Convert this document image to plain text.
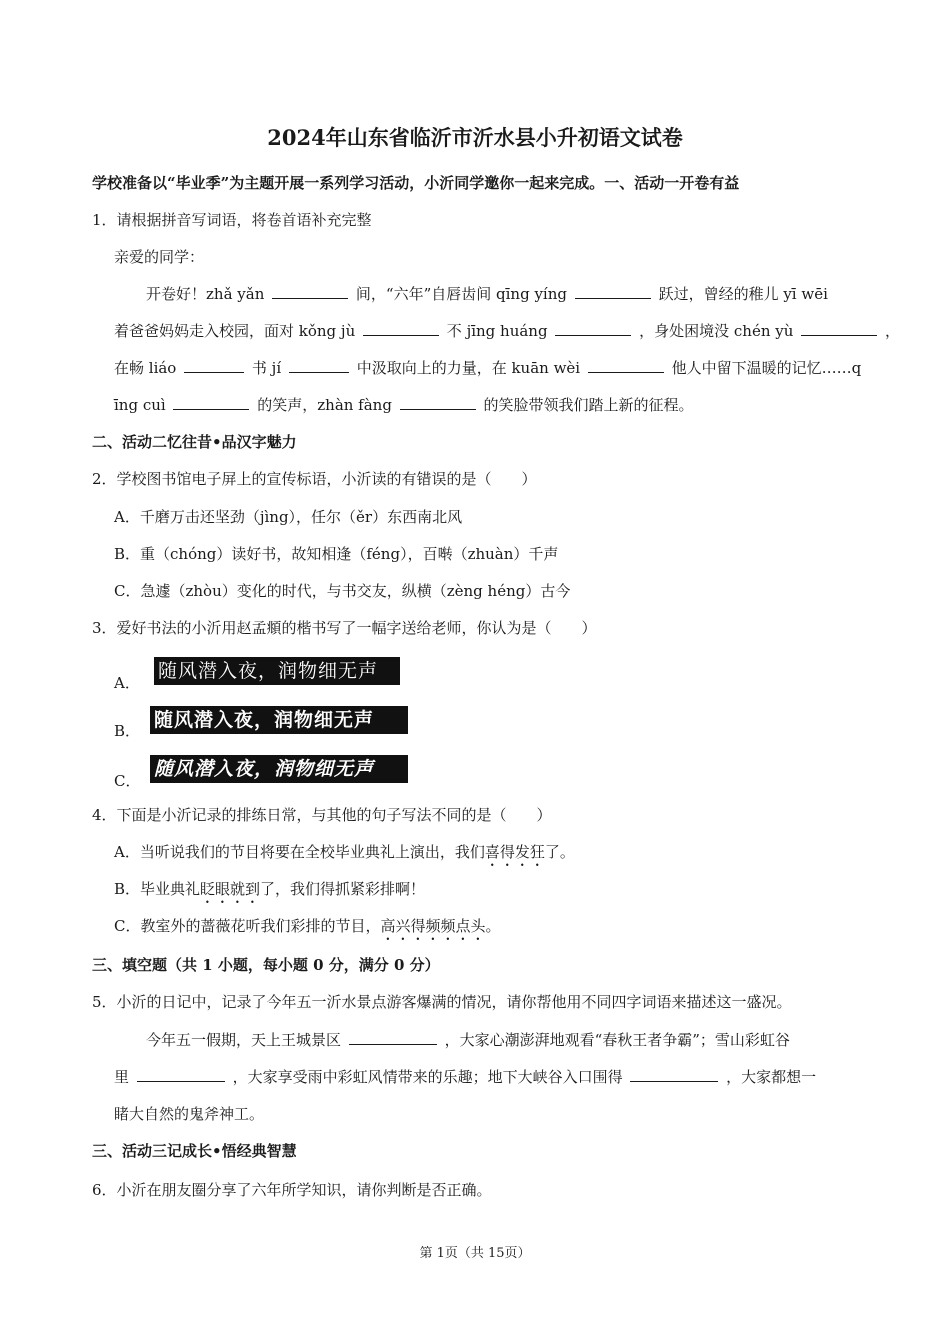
2024年山东省临沂市沂水县小升初语文试卷
学校准备以“毕业季”为主题开展一系列学习活动，小沂同学邀你一起来完成。一、活动一开卷有益
1．请根据拼音写词语，将卷首语补充完整
亲爱的同学：
开卷好！zhǎ yǎn	间，“六年”自唇齿间 qīng yíng	跃过，曾经的稚儿 yī wēi
着爸爸妈妈走入校园，面对 kǒng jù	不 jīng huáng	，身处困境没 chén yù	，
在畅 liáo	书 jí	中汲取向上的力量，在 kuān wèi	他人中留下温暖的记忆……q
īng cuì	的笑声，zhàn fàng	的笑脸带领我们踏上新的征程。
二、活动二忆往昔•品汉字魅力
2．学校图书馆电子屏上的宣传标语，小沂读的有错误的是（　　）
A．千磨万击还坚劲（jìng），任尔（ěr）东西南北风
B．重（chóng）读好书，故知相逢（féng），百啭（zhuàn）千声
C．急遽（zhòu）变化的时代，与书交友，纵横（zèng héng）古今
3．爱好书法的小沂用赵孟頫的楷书写了一幅字送给老师，你认为是（　　）
A．
随风潜入夜，润物细无声
B． 随风潜入夜，润物细无声
C．
随风潜入夜，润物细无声
4．下面是小沂记录的排练日常，与其他的句子写法不同的是（　　）
A．当听说我们的节目将要在全校毕业典礼上演出，我们喜得发狂了。
B．毕业典礼眨眼就到了，我们得抓紧彩排啊！
C．教室外的蔷薇花听我们彩排的节目，高兴得频频点头。
三、填空题（共 1 小题，每小题 0 分，满分 0 分）
5．小沂的日记中，记录了今年五一沂水景点游客爆满的情况，请你帮他用不同四字词语来描述这一盛况。
今年五一假期，天上王城景区	，大家心潮澎湃地观看“春秋王者争霸”；雪山彩虹谷
里	，大家享受雨中彩虹风情带来的乐趣；地下大峡谷入口围得	，大家都想一
睹大自然的鬼斧神工。
三、活动三记成长•悟经典智慧
6．小沂在朋友圈分享了六年所学知识，请你判断是否正确。
第 1页（共 15页）
